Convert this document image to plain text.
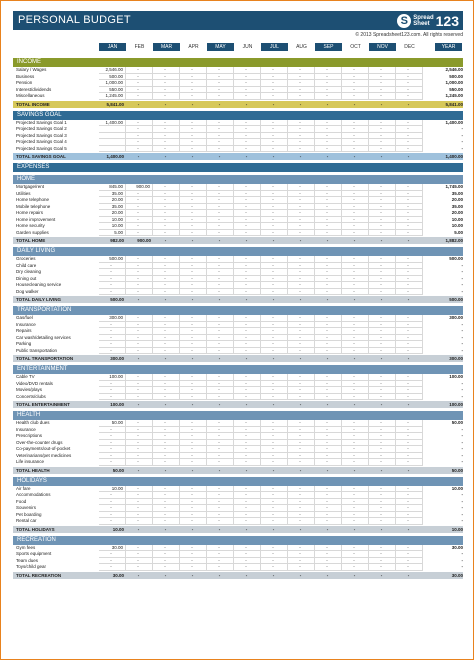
PERSONAL BUDGET	S Spread
Sheet 123
© 2013 Spreadsheet123.com. All rights reserved
JAN	FEB	MAR	APR	MAY	JUN	JUL	AUG	SEP	OCT	NOV	DEC	YEAR
INCOME
Salary / Wages	2,546.00	-	-	-	-	-	-	-	-	-	-	-	2,546.00
Business	500.00	-	-	-	-	-	-	-	-	-	-	-	500.00
Pension	1,000.00	-	-	-	-	-	-	-	-	-	-	-	1,000.00
Interest/dividends	550.00	-	-	-	-	-	-	-	-	-	-	-	550.00
Miscellaneous	1,245.00	-	-	-	-	-	-	-	-	-	-	-	1,245.00
TOTAL INCOME	5,841.00	-	-	-	-	-	-	-	-	-	-	-	5,841.00
SAVINGS GOAL
Projected Savings Goal 1	1,400.00	-	-	-	-	-	-	-	-	-	-	-	1,400.00
Projected Savings Goal 2	-	-	-	-	-	-	-	-	-	-	-	-
Projected Savings Goal 3	-	-	-	-	-	-	-	-	-	-	-	-
Projected Savings Goal 4	-	-	-	-	-	-	-	-	-	-	-	-
Projected Savings Goal 5	-	-	-	-	-	-	-	-	-	-	-	-
TOTAL SAVINGS GOAL	1,400.00	-	-	-	-	-	-	-	-	-	-	-	1,400.00
EXPENSES
HOME
Mortgage/rent	845.00	900.00	-	-	-	-	-	-	-	-	-	-	1,745.00
Utilities	35.00	-	-	-	-	-	-	-	-	-	-	-	35.00
Home telephone	20.00	-	-	-	-	-	-	-	-	-	-	-	20.00
Mobile telephone	35.00	-	-	-	-	-	-	-	-	-	-	-	35.00
Home repairs	20.00	-	-	-	-	-	-	-	-	-	-	-	20.00
Home improvement	10.00	-	-	-	-	-	-	-	-	-	-	-	10.00
Home security	10.00	-	-	-	-	-	-	-	-	-	-	-	10.00
Garden supplies	5.00	-	-	-	-	-	-	-	-	-	-	-	5.00
TOTAL HOME	982.00	900.00	-	-	-	-	-	-	-	-	-	-	1,882.00
DAILY LIVING
Groceries	500.00	-	-	-	-	-	-	-	-	-	-	-	500.00
Child care	-	-	-	-	-	-	-	-	-	-	-	-	-
Dry cleaning	-	-	-	-	-	-	-	-	-	-	-	-	-
Dining out	-	-	-	-	-	-	-	-	-	-	-	-	-
Housecleaning service	-	-	-	-	-	-	-	-	-	-	-	-	-
Dog walker	-	-	-	-	-	-	-	-	-	-	-	-	-
TOTAL DAILY LIVING	500.00	-	-	-	-	-	-	-	-	-	-	-	500.00
TRANSPORTATION
Gas/fuel	300.00	-	-	-	-	-	-	-	-	-	-	-	300.00
Insurance	-	-	-	-	-	-	-	-	-	-	-	-	-
Repairs	-	-	-	-	-	-	-	-	-	-	-	-	-
Car wash/detailing services	-	-	-	-	-	-	-	-	-	-	-	-	-
Parking	-	-	-	-	-	-	-	-	-	-	-	-	-
Public transportation	-	-	-	-	-	-	-	-	-	-	-	-	-
TOTAL TRANSPORTATION	300.00	-	-	-	-	-	-	-	-	-	-	-	300.00
ENTERTAINMENT
Cable TV	100.00	-	-	-	-	-	-	-	-	-	-	-	100.00
Video/DVD rentals	-	-	-	-	-	-	-	-	-	-	-	-	-
Movies/plays	-	-	-	-	-	-	-	-	-	-	-	-	-
Concerts/clubs	-	-	-	-	-	-	-	-	-	-	-	-	-
TOTAL ENTERTAINMENT	100.00	-	-	-	-	-	-	-	-	-	-	-	100.00
HEALTH
Health club dues	50.00	-	-	-	-	-	-	-	-	-	-	-	50.00
Insurance	-	-	-	-	-	-	-	-	-	-	-	-	-
Prescriptions	-	-	-	-	-	-	-	-	-	-	-	-	-
Over-the-counter drugs	-	-	-	-	-	-	-	-	-	-	-	-	-
Co-payments/out-of-pocket	-	-	-	-	-	-	-	-	-	-	-	-	-
Veterinarians/pet medicines	-	-	-	-	-	-	-	-	-	-	-	-	-
Life insurance	-	-	-	-	-	-	-	-	-	-	-	-	-
TOTAL HEALTH	50.00	-	-	-	-	-	-	-	-	-	-	-	50.00
HOLIDAYS
Air fare	10.00	-	-	-	-	-	-	-	-	-	-	-	10.00
Accommodations	-	-	-	-	-	-	-	-	-	-	-	-	-
Food	-	-	-	-	-	-	-	-	-	-	-	-	-
Souvenirs	-	-	-	-	-	-	-	-	-	-	-	-	-
Pet boarding	-	-	-	-	-	-	-	-	-	-	-	-	-
Rental car	-	-	-	-	-	-	-	-	-	-	-	-	-
TOTAL HOLIDAYS	10.00	-	-	-	-	-	-	-	-	-	-	-	10.00
RECREATION
Gym fees	30.00	-	-	-	-	-	-	-	-	-	-	-	30.00
Sports equipment	-	-	-	-	-	-	-	-	-	-	-	-	-
Team dues	-	-	-	-	-	-	-	-	-	-	-	-	-
Toys/child gear	-	-	-	-	-	-	-	-	-	-	-	-	-
TOTAL RECREATION	30.00	-	-	-	-	-	-	-	-	-	-	-	30.00
